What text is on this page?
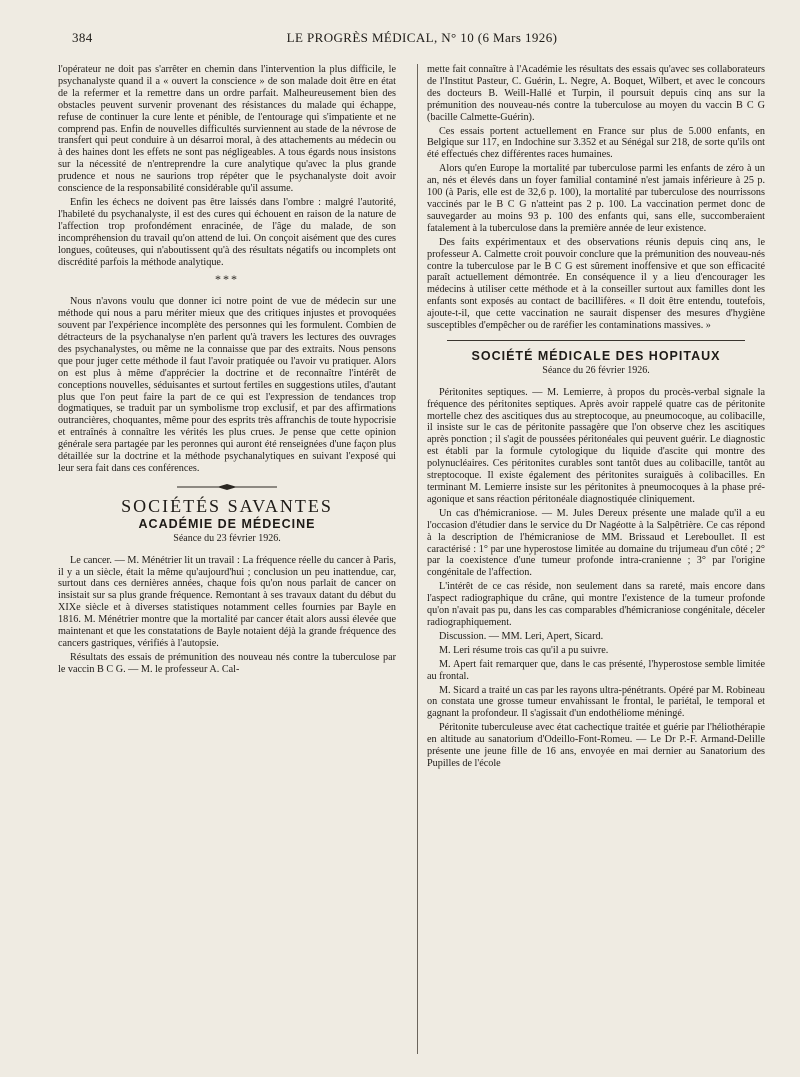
384	LE PROGRÈS MÉDICAL, N° 10 (6 Mars 1926)

l'opérateur ne doit pas s'arrêter en chemin dans l'intervention la plus difficile, le psychanalyste quand il a « ouvert la conscience » de son malade doit être en état de la refermer et la remettre dans un ordre parfait. Malheureusement bien des obstacles peuvent survenir provenant des résistances du malade qui échappe, refuse de continuer la cure lente et pénible, de l'entourage qui s'impatiente et ne comprend pas. Enfin de nouvelles difficultés surviennent au stade de la névrose de transfert qui peut conduire à un désarroi moral, à des attachements au médecin ou à des haines dont les effets ne sont pas négligeables. A tous égards nous insistons sur la nécessité de n'entreprendre la cure analytique qu'avec la plus grande prudence et nous ne saurions trop répéter que le psychanalyste doit avoir conscience de la responsabilité considérable qu'il assume.

Enfin les échecs ne doivent pas être laissés dans l'ombre : malgré l'autorité, l'habileté du psychanalyste, il est des cures qui échouent en raison de la nature de l'affection trop profondément enracinée, de l'âge du malade, de son incompréhension du travail qu'on attend de lui. On conçoit aisément que des cures longues, coûteuses, qui n'aboutissent qu'à des résultats négatifs ou incomplets ont discrédité parfois la méthode analytique.

***

Nous n'avons voulu que donner ici notre point de vue de médecin sur une méthode qui nous a paru mériter mieux que des critiques injustes et provoquées souvent par l'expérience incomplète des personnes qui les formulent. Combien de détracteurs de la psychanalyse n'en parlent qu'à travers les lectures des ouvrages des psychanalystes, ou même ne la connaisse que par des extraits. Nous pensons que pour juger cette méthode il faut l'avoir pratiquée ou l'avoir vu pratiquer. Alors on est plus à même d'apprécier la doctrine et de reconnaître l'intérêt de conceptions nouvelles, séduisantes et surtout fertiles en suggestions utiles, d'autant plus que l'on peut faire la part de ce qui est l'expression de tendances trop dogmatiques, se traduit par un symbolisme trop exclusif, et par des affirmations outrancières, choquantes, même pour des esprits très affranchis de toute hypocrisie et entraînés à connaître les vérités les plus crues. Je pense que cette opinion générale sera partagée par les peronnes qui auront été renseignées d'une façon plus détaillée sur la doctrine et la méthode psychanalytiques en suivant l'exposé qui leur sera fait dans ces conférences.

SOCIÉTÉS SAVANTES
ACADÉMIE DE MÉDECINE
Séance du 23 février 1926.

Le cancer. — M. Ménétrier lit un travail : La fréquence réelle du cancer à Paris, il y a un siècle, était la même qu'aujourd'hui ; conclusion un peu inattendue, car, surtout dans ces dernières années, chaque fois qu'on nous parlait de cancer on insistait sur sa plus grande fréquence. Remontant à ses travaux datant du début du XIXe siècle et à diverses statistiques notamment celles fournies par Bayle en 1816. M. Ménétrier montre que la mortalité par cancer était alors aussi élevée que maintenant et que les constatations de Bayle notaient déjà la grande fréquence des cancers gastriques, vérifiés à l'autopsie.

Résultats des essais de prémunition des nouveau nés contre la tuberculose par le vaccin B C G. — M. le professeur A. Cal-

mette fait connaître à l'Académie les résultats des essais qu'avec ses collaborateurs de l'Institut Pasteur, C. Guérin, L. Negre, A. Boquet, Wilbert, et avec le concours des docteurs B. Weill-Hallé et Turpin, il poursuit depuis cinq ans sur la prémunition des nouveau-nés contre la tuberculose au moyen du vaccin B C G (bacille Calmette-Guérin).

Ces essais portent actuellement en France sur plus de 5.000 enfants, en Belgique sur 117, en Indochine sur 3.352 et au Sénégal sur 218, de sorte qu'ils ont été effectués chez différentes races humaines.

Alors qu'en Europe la mortalité par tuberculose parmi les enfants de zéro à un an, nés et élevés dans un foyer familial contaminé n'est jamais inférieure à 25 p. 100 (à Paris, elle est de 32,6 p. 100), la mortalité par tuberculose des nourrissons vaccinés par le B C G n'atteint pas 2 p. 100. La vaccination permet donc de sauvegarder au moins 93 p. 100 des enfants qui, sans elle, succomberaient fatalement à la tuberculose dans la première année de leur existence.

Des faits expérimentaux et des observations réunis depuis cinq ans, le professeur A. Calmette croit pouvoir conclure que la prémunition des nouveau-nés contre la tuberculose par le B C G est sûrement inoffensive et que son efficacité paraît actuellement démontrée. En conséquence il y a lieu d'encourager les médecins à utiliser cette méthode et à la conseiller surtout aux familles dont les enfants sont exposés au contact de bacillifères. « Il doit être entendu, toutefois, ajoute-t-il, que cette vaccination ne saurait dispenser des mesures d'hygiène susceptibles d'empêcher ou de raréfier les contaminations massives. »

SOCIÉTÉ MÉDICALE DES HOPITAUX
Séance du 26 février 1926.

Péritonites septiques. — M. Lemierre, à propos du procès-verbal signale la fréquence des péritonites septiques. Après avoir rappelé quatre cas de péritonite mortelle chez des ascitiques dus au streptocoque, au pneumocoque, au colibacille, il insiste sur le cas de péritonite passagère que l'on observe chez les ascitiques après ponction ; il s'agit de poussées péritonéales qui peuvent guérir. Le diagnostic est établi par la formule cytologique du liquide d'ascite qui montre des polynucléaires. Ces péritonites curables sont tantôt dues au colibacille, tantôt au streptocoque. Il existe également des péritonites suraiguës à colibacilles. En terminant M. Lemierre insiste sur les péritonites à pneumocoques à la phase pré-agonique et sans réaction péritonéale diagnostiquée cliniquement.

Un cas d'hémicraniose. — M. Jules Dereux présente une malade qu'il a eu l'occasion d'étudier dans le service du Dr Nagéotte à la Salpêtrière. Ce cas répond à la description de l'hémicraniose de MM. Brissaud et Lereboullet. Il est caractérisé : 1° par une hyperostose limitée au domaine du trijumeau d'un côté ; 2° par la coexistence d'une tumeur profonde intra-cranienne ; 3° par l'origine congénitale de l'affection.

L'intérêt de ce cas réside, non seulement dans sa rareté, mais encore dans l'aspect radiographique du crâne, qui montre l'existence de la tumeur profonde qu'on n'avait pas pu, dans les cas comparables d'hémicraniose congénitale, déceler radiographiquement.

Discussion. — MM. Leri, Apert, Sicard.

M. Leri résume trois cas qu'il a pu suivre.

M. Apert fait remarquer que, dans le cas présenté, l'hyperostose semble limitée au frontal.

M. Sicard a traité un cas par les rayons ultra-pénétrants. Opéré par M. Robineau on constata une grosse tumeur envahissant le frontal, le pariétal, le temporal et gagnant la profondeur. Il s'agissait d'un endothéliome méningé.

Péritonite tuberculeuse avec état cachectique traitée et guérie par l'héliothérapie en altitude au sanatorium d'Odeillo-Font-Romeu. — Le Dr P.-F. Armand-Delille présente une jeune fille de 16 ans, envoyée en mai dernier au Sanatorium des Pupilles de l'école
